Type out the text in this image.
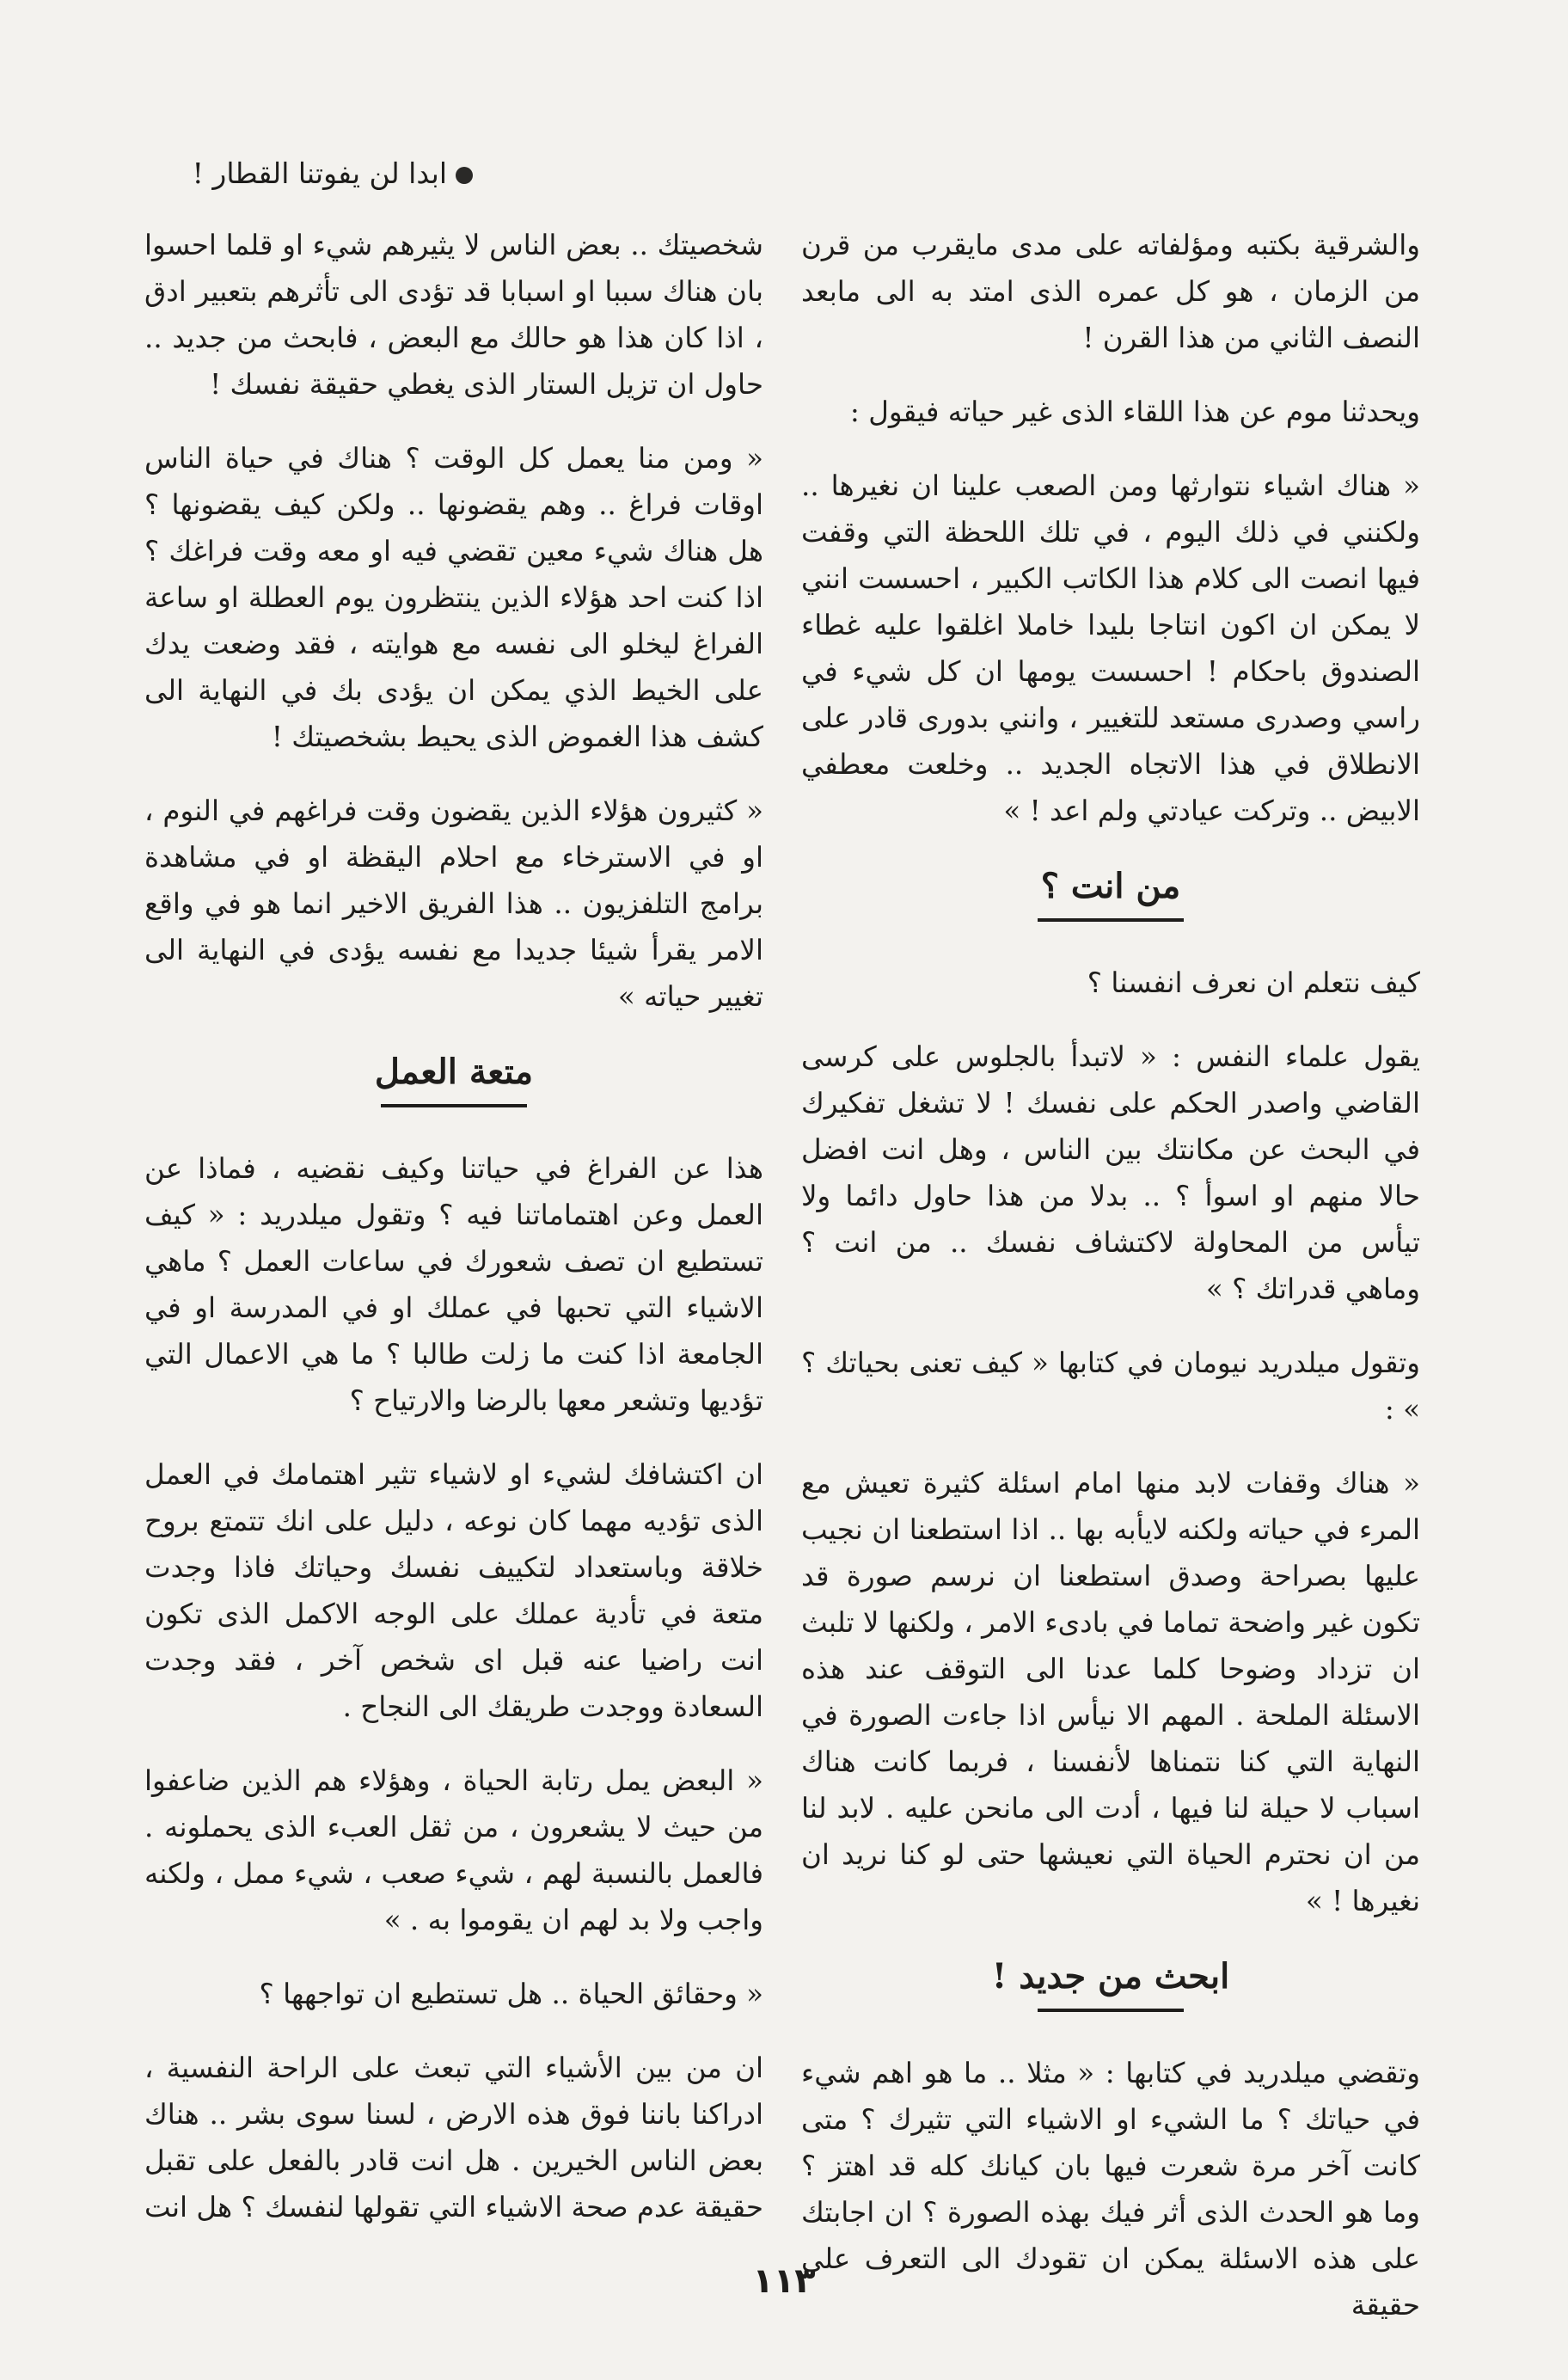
ابدا لن يفوتنا القطار !

والشرقية بكتبه ومؤلفاته على مدى مايقرب من قرن من الزمان ، هو كل عمره الذى امتد به الى مابعد النصف الثاني من هذا القرن !

ويحدثنا موم عن هذا اللقاء الذى غير حياته فيقول :

« هناك اشياء نتوارثها ومن الصعب علينا ان نغيرها .. ولكنني في ذلك اليوم ، في تلك اللحظة التي وقفت فيها انصت الى كلام هذا الكاتب الكبير ، احسست انني لا يمكن ان اكون انتاجا بليدا خاملا اغلقوا عليه غطاء الصندوق باحكام ! احسست يومها ان كل شيء في راسي وصدرى مستعد للتغيير ، وانني بدورى قادر على الانطلاق في هذا الاتجاه الجديد .. وخلعت معطفي الابيض .. وتركت عيادتي ولم اعد ! »

من انت ؟

كيف نتعلم ان نعرف انفسنا ؟

يقول علماء النفس : « لاتبدأ بالجلوس على كرسى القاضي واصدر الحكم على نفسك ! لا تشغل تفكيرك في البحث عن مكانتك بين الناس ، وهل انت افضل حالا منهم او اسوأ ؟ .. بدلا من هذا حاول دائما ولا تيأس من المحاولة لاكتشاف نفسك .. من انت ؟ وماهي قدراتك ؟ »

وتقول ميلدريد نيومان في كتابها « كيف تعنى بحياتك ؟ » :

« هناك وقفات لابد منها امام اسئلة كثيرة تعيش مع المرء في حياته ولكنه لايأبه بها .. اذا استطعنا ان نجيب عليها بصراحة وصدق استطعنا ان نرسم صورة قد تكون غير واضحة تماما في بادىء الامر ، ولكنها لا تلبث ان تزداد وضوحا كلما عدنا الى التوقف عند هذه الاسئلة الملحة . المهم الا نيأس اذا جاءت الصورة في النهاية التي كنا نتمناها لأنفسنا ، فربما كانت هناك اسباب لا حيلة لنا فيها ، أدت الى مانحن عليه . لابد لنا من ان نحترم الحياة التي نعيشها حتى لو كنا نريد ان نغيرها ! »

ابحث من جديد !

وتقضي ميلدريد في كتابها : « مثلا .. ما هو اهم شيء في حياتك ؟ ما الشيء او الاشياء التي تثيرك ؟ متى كانت آخر مرة شعرت فيها بان كيانك كله قد اهتز ؟ وما هو الحدث الذى أثر فيك بهذه الصورة ؟ ان اجابتك على هذه الاسئلة يمكن ان تقودك الى التعرف على حقيقة

شخصيتك .. بعض الناس لا يثيرهم شيء او قلما احسوا بان هناك سببا او اسبابا قد تؤدى الى تأثرهم بتعبير ادق ، اذا كان هذا هو حالك مع البعض ، فابحث من جديد .. حاول ان تزيل الستار الذى يغطي حقيقة نفسك !

« ومن منا يعمل كل الوقت ؟ هناك في حياة الناس اوقات فراغ .. وهم يقضونها .. ولكن كيف يقضونها ؟ هل هناك شيء معين تقضي فيه او معه وقت فراغك ؟ اذا كنت احد هؤلاء الذين ينتظرون يوم العطلة او ساعة الفراغ ليخلو الى نفسه مع هوايته ، فقد وضعت يدك على الخيط الذي يمكن ان يؤدى بك في النهاية الى كشف هذا الغموض الذى يحيط بشخصيتك !

« كثيرون هؤلاء الذين يقضون وقت فراغهم في النوم ، او في الاسترخاء مع احلام اليقظة او في مشاهدة برامج التلفزيون .. هذا الفريق الاخير انما هو في واقع الامر يقرأ شيئا جديدا مع نفسه يؤدى في النهاية الى تغيير حياته »

متعة العمل

هذا عن الفراغ في حياتنا وكيف نقضيه ، فماذا عن العمل وعن اهتماماتنا فيه ؟ وتقول ميلدريد : « كيف تستطيع ان تصف شعورك في ساعات العمل ؟ ماهي الاشياء التي تحبها في عملك او في المدرسة او في الجامعة اذا كنت ما زلت طالبا ؟ ما هي الاعمال التي تؤديها وتشعر معها بالرضا والارتياح ؟

ان اكتشافك لشيء او لاشياء تثير اهتمامك في العمل الذى تؤديه مهما كان نوعه ، دليل على انك تتمتع بروح خلاقة وباستعداد لتكييف نفسك وحياتك فاذا وجدت متعة في تأدية عملك على الوجه الاكمل الذى تكون انت راضيا عنه قبل اى شخص آخر ، فقد وجدت السعادة ووجدت طريقك الى النجاح .

« البعض يمل رتابة الحياة ، وهؤلاء هم الذين ضاعفوا من حيث لا يشعرون ، من ثقل العبء الذى يحملونه . فالعمل بالنسبة لهم ، شيء صعب ، شيء ممل ، ولكنه واجب ولا بد لهم ان يقوموا به . »

« وحقائق الحياة .. هل تستطيع ان تواجهها ؟

ان من بين الأشياء التي تبعث على الراحة النفسية ، ادراكنا باننا فوق هذه الارض ، لسنا سوى بشر .. هناك بعض الناس الخيرين . هل انت قادر بالفعل على تقبل حقيقة عدم صحة الاشياء التي تقولها لنفسك ؟ هل انت

١١٣
